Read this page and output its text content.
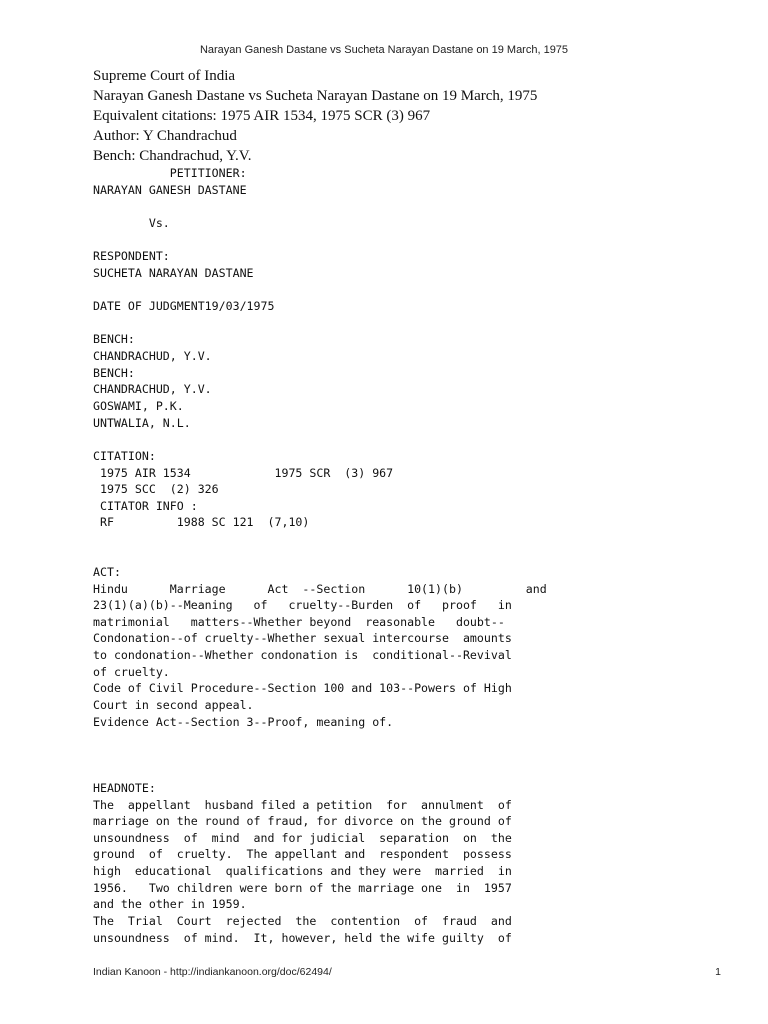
Narayan Ganesh Dastane vs Sucheta Narayan Dastane on 19 March, 1975
Supreme Court of India
Narayan Ganesh Dastane vs Sucheta Narayan Dastane on 19 March, 1975
Equivalent citations: 1975 AIR 1534, 1975 SCR (3) 967
Author: Y Chandrachud
Bench: Chandrachud, Y.V.
PETITIONER:
NARAYAN GANESH DASTANE
Vs.
RESPONDENT:
SUCHETA NARAYAN DASTANE
DATE OF JUDGMENT19/03/1975
BENCH:
CHANDRACHUD, Y.V.
BENCH:
CHANDRACHUD, Y.V.
GOSWAMI, P.K.
UNTWALIA, N.L.
CITATION:
1975 AIR 1534            1975 SCR  (3) 967
1975 SCC  (2) 326
CITATOR INFO :
RF         1988 SC 121  (7,10)
ACT:
Hindu      Marriage      Act  --Section      10(1)(b)         and
23(1)(a)(b)--Meaning   of   cruelty--Burden  of   proof   in
matrimonial   matters--Whether beyond  reasonable   doubt--
Condonation--of cruelty--Whether sexual intercourse  amounts
to condonation--Whether condonation is  conditional--Revival
of cruelty.
Code of Civil Procedure--Section 100 and 103--Powers of High
Court in second appeal.
Evidence Act--Section 3--Proof, meaning of.
HEADNOTE:
The  appellant  husband filed a petition  for  annulment  of
marriage on the round of fraud, for divorce on the ground of
unsoundness  of  mind  and for judicial  separation  on  the
ground  of  cruelty.  The appellant and  respondent  possess
high  educational  qualifications and they were  married  in
1956.   Two children were born of the marriage one  in  1957
and the other in 1959.
The  Trial  Court  rejected  the  contention  of  fraud  and
unsoundness  of mind.  It, however, held the wife guilty  of
Indian Kanoon - http://indiankanoon.org/doc/62494/	1
